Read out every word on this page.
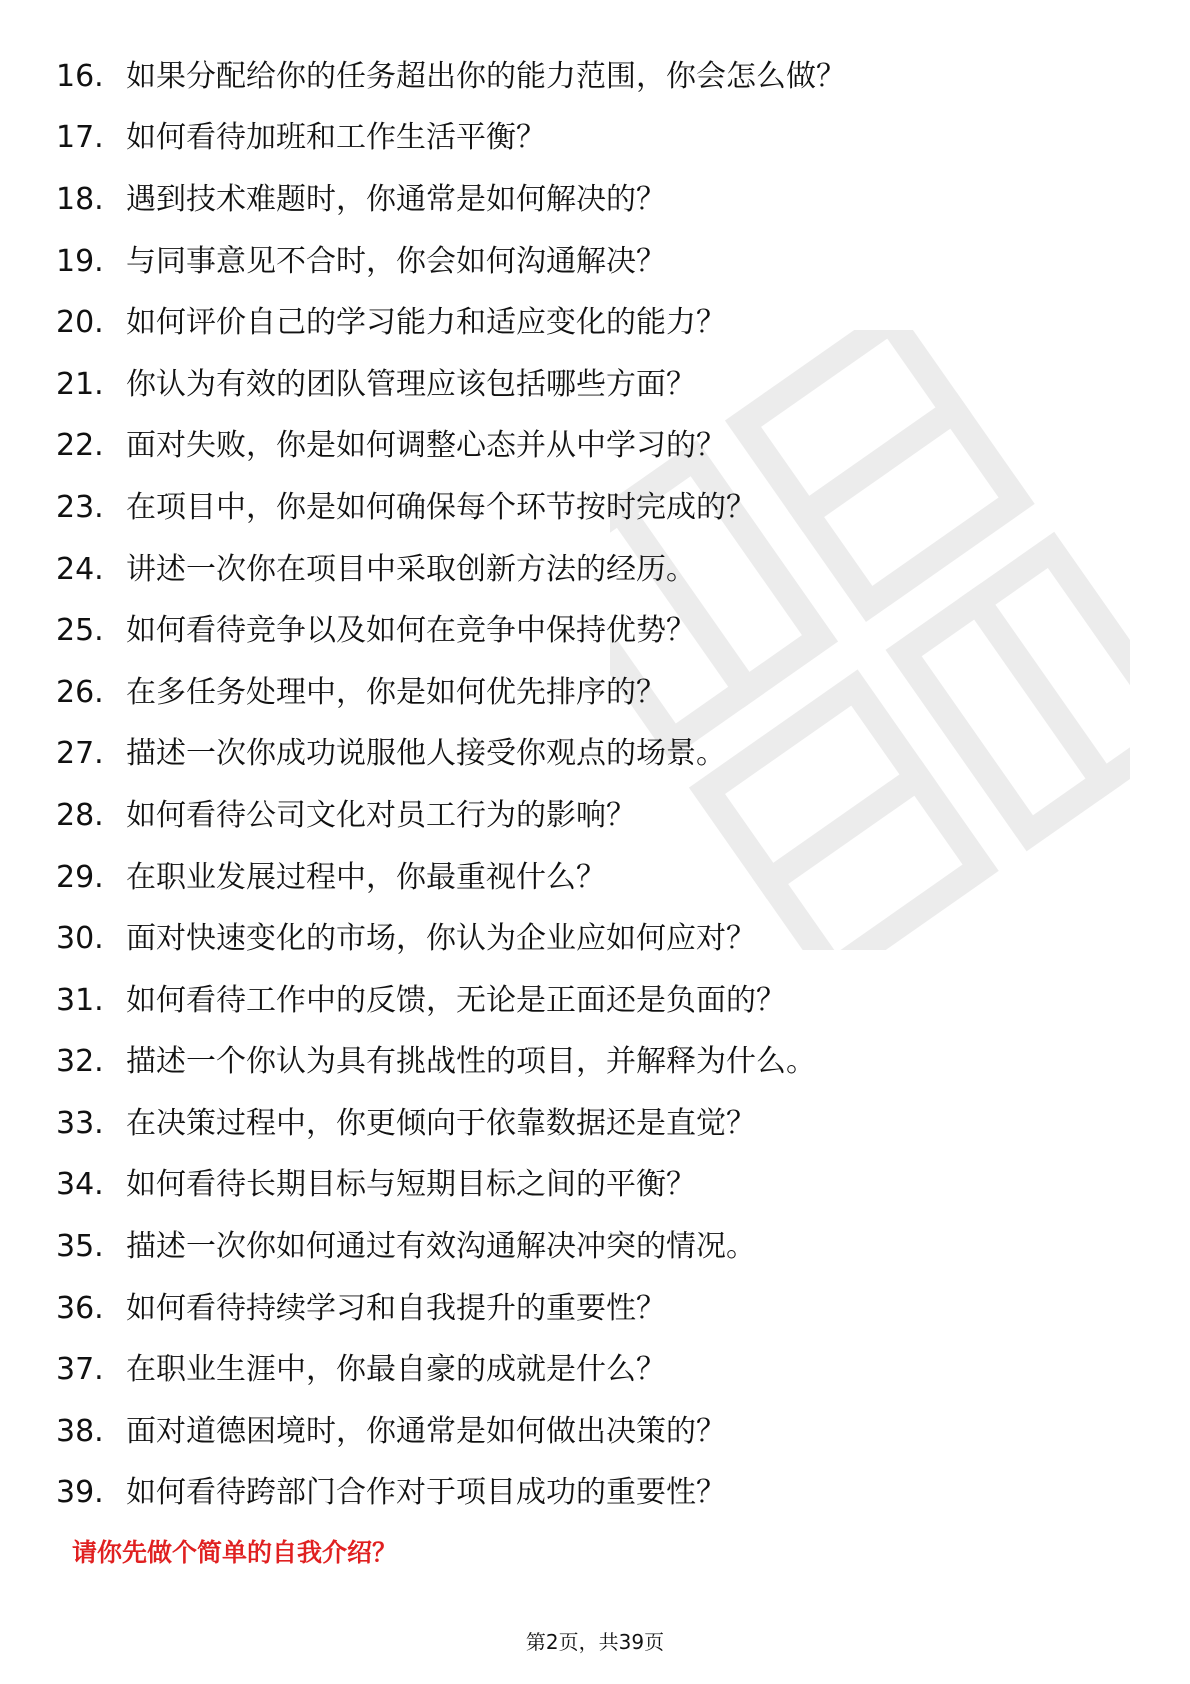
16. 如果分配给你的任务超出你的能力范围，你会怎么做？
17. 如何看待加班和工作生活平衡？
18. 遇到技术难题时，你通常是如何解决的？
19. 与同事意见不合时，你会如何沟通解决？
20. 如何评价自己的学习能力和适应变化的能力？
21. 你认为有效的团队管理应该包括哪些方面？
22. 面对失败，你是如何调整心态并从中学习的？
23. 在项目中，你是如何确保每个环节按时完成的？
24. 讲述一次你在项目中采取创新方法的经历。
25. 如何看待竞争以及如何在竞争中保持优势？
26. 在多任务处理中，你是如何优先排序的？
27. 描述一次你成功说服他人接受你观点的场景。
28. 如何看待公司文化对员工行为的影响？
29. 在职业发展过程中，你最重视什么？
30. 面对快速变化的市场，你认为企业应如何应对？
31. 如何看待工作中的反馈，无论是正面还是负面的？
32. 描述一个你认为具有挑战性的项目，并解释为什么。
33. 在决策过程中，你更倾向于依靠数据还是直觉？
34. 如何看待长期目标与短期目标之间的平衡？
35. 描述一次你如何通过有效沟通解决冲突的情况。
36. 如何看待持续学习和自我提升的重要性？
37. 在职业生涯中，你最自豪的成就是什么？
38. 面对道德困境时，你通常是如何做出决策的？
39. 如何看待跨部门合作对于项目成功的重要性？
请你先做个简单的自我介绍？
第2页，共39页
